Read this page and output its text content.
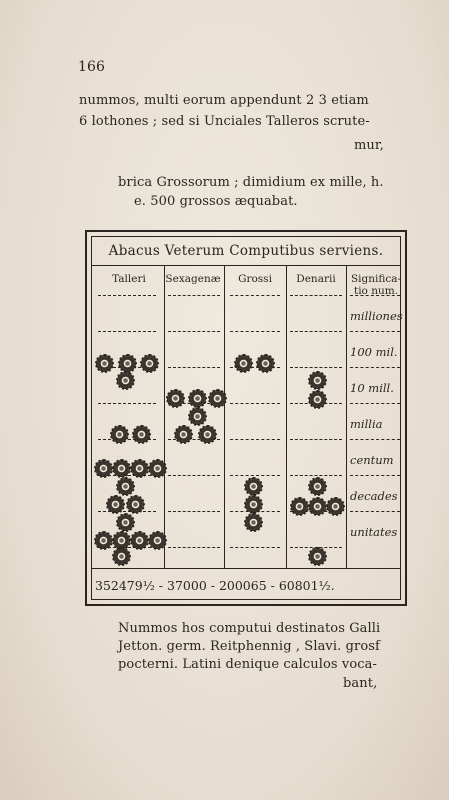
166
nummos, multi eorum appendunt 2 3 etiam
6 lothones ; sed si Unciales Talleros scrute-
mur,
brica Grossorum ; dimidium ex mille, h.
e. 500 grossos æquabat.
Abacus Veterum Computibus serviens.
Talleri	Sexagenæ	Grossi	Denarii	Significa-tio num.
milliones
100 mil.
10 mill.
millia
centum
decades
unitates
352479½ - 37000 - 200065 - 60801½.
Nummos hos computui destinatos Galli
Jetton. germ. Reitphennig , Slavi. grosf
pocterni. Latini denique calculos voca-
bant,
